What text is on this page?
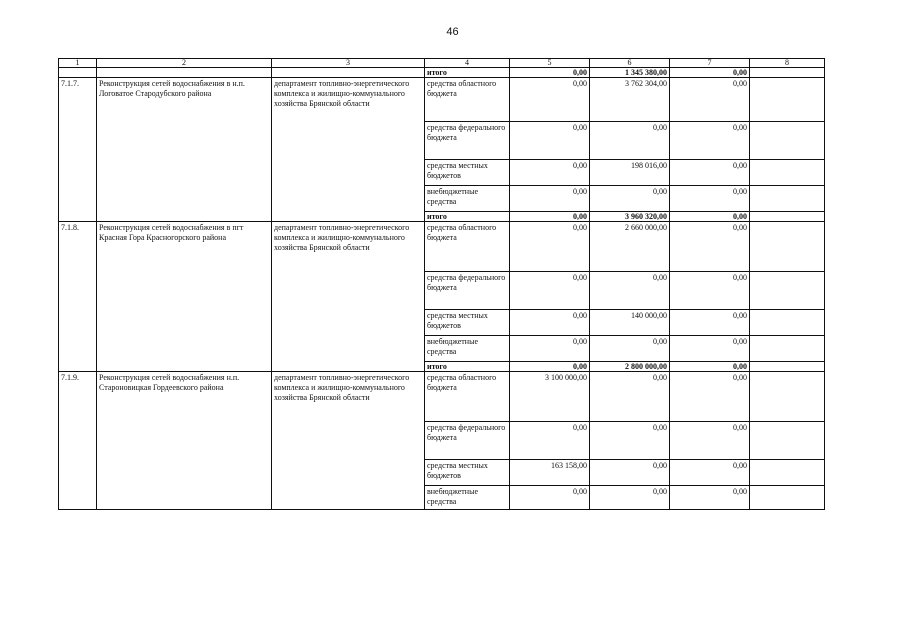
46
1	2	3	4	5	6	7	8
			итого	0,00	1 345 380,00	0,00	
7.1.7.	Реконструкция сетей водоснабжения в н.п. Логоватое Стародубского района	департамент топливно-энергетического комплекса и жилищно-коммунального хозяйства Брянской области	средства областного бюджета	0,00	3 762 304,00	0,00	
			средства федерального бюджета	0,00	0,00	0,00	
			средства местных бюджетов	0,00	198 016,00	0,00	
			внебюджетные средства	0,00	0,00	0,00	
			итого	0,00	3 960 320,00	0,00	
7.1.8.	Реконструкция сетей водоснабжения в пгт Красная Гора Красногорского района	департамент топливно-энергетического комплекса и жилищно-коммунального хозяйства Брянской области	средства областного бюджета	0,00	2 660 000,00	0,00	
			средства федерального бюджета	0,00	0,00	0,00	
			средства местных бюджетов	0,00	140 000,00	0,00	
			внебюджетные средства	0,00	0,00	0,00	
			итого	0,00	2 800 000,00	0,00	
7.1.9.	Реконструкция сетей водоснабжения н.п. Староновицкая Гордеевского района	департамент топливно-энергетического комплекса и жилищно-коммунального хозяйства Брянской области	средства областного бюджета	3 100 000,00	0,00	0,00	
			средства федерального бюджета	0,00	0,00	0,00	
			средства местных бюджетов	163 158,00	0,00	0,00	
			внебюджетные средства	0,00	0,00	0,00	
